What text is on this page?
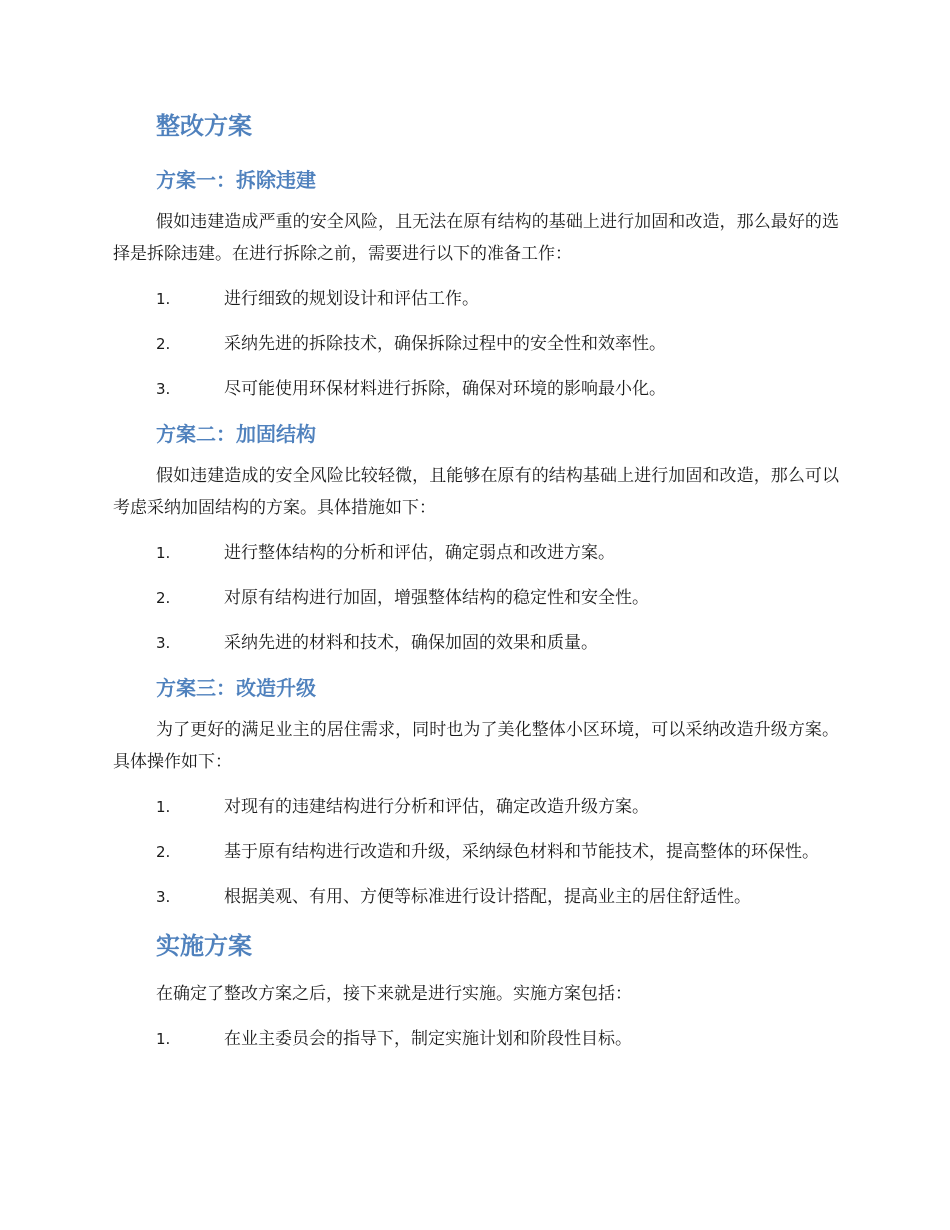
整改方案
方案一：拆除违建

假如违建造成严重的安全风险，且无法在原有结构的基础上进行加固和改造，那么最好的选择是拆除违建。在进行拆除之前，需要进行以下的准备工作：

1.	进行细致的规划设计和评估工作。
2.	采纳先进的拆除技术，确保拆除过程中的安全性和效率性。
3.	尽可能使用环保材料进行拆除，确保对环境的影响最小化。
方案二：加固结构

假如违建造成的安全风险比较轻微，且能够在原有的结构基础上进行加固和改造，那么可以考虑采纳加固结构的方案。具体措施如下：

1.	进行整体结构的分析和评估，确定弱点和改进方案。
2.	对原有结构进行加固，增强整体结构的稳定性和安全性。
3.	采纳先进的材料和技术，确保加固的效果和质量。
方案三：改造升级

为了更好的满足业主的居住需求，同时也为了美化整体小区环境，可以采纳改造升级方案。具体操作如下：

1.	对现有的违建结构进行分析和评估，确定改造升级方案。
2.	基于原有结构进行改造和升级，采纳绿色材料和节能技术，提高整体的环保性。
3.	根据美观、有用、方便等标准进行设计搭配，提高业主的居住舒适性。
实施方案

在确定了整改方案之后，接下来就是进行实施。实施方案包括：

1.	在业主委员会的指导下，制定实施计划和阶段性目标。
